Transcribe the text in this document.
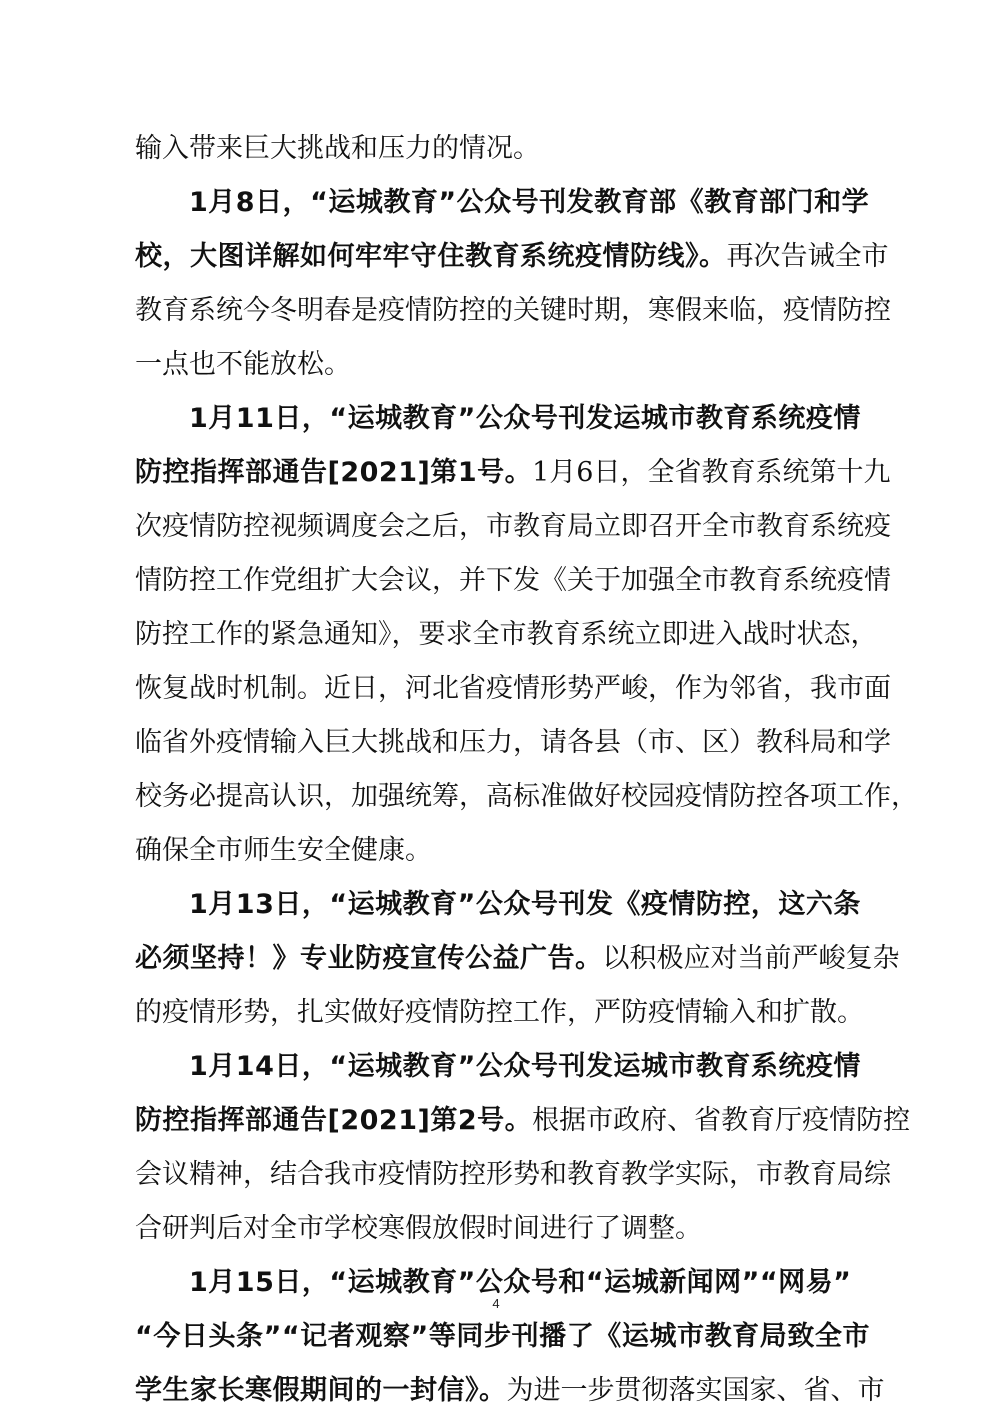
输入带来巨大挑战和压力的情况。
1月8日，“运城教育”公众号刊发教育部《教育部门和学
校，大图详解如何牢牢守住教育系统疫情防线》。再次告诫全市
教育系统今冬明春是疫情防控的关键时期，寒假来临，疫情防控
一点也不能放松。
1月11日，“运城教育”公众号刊发运城市教育系统疫情
防控指挥部通告[2021]第1号。1月6日，全省教育系统第十九
次疫情防控视频调度会之后，市教育局立即召开全市教育系统疫
情防控工作党组扩大会议，并下发《关于加强全市教育系统疫情
防控工作的紧急通知》，要求全市教育系统立即进入战时状态，
恢复战时机制。近日，河北省疫情形势严峻，作为邻省，我市面
临省外疫情输入巨大挑战和压力，请各县（市、区）教科局和学
校务必提高认识，加强统筹，高标准做好校园疫情防控各项工作，
确保全市师生安全健康。
1月13日，“运城教育”公众号刊发《疫情防控，这六条
必须坚持！》专业防疫宣传公益广告。以积极应对当前严峻复杂
的疫情形势，扎实做好疫情防控工作，严防疫情输入和扩散。
1月14日，“运城教育”公众号刊发运城市教育系统疫情
防控指挥部通告[2021]第2号。根据市政府、省教育厅疫情防控
会议精神，结合我市疫情防控形势和教育教学实际，市教育局综
合研判后对全市学校寒假放假时间进行了调整。
1月15日，“运城教育”公众号和“运城新闻网”“网易”
“今日头条”“记者观察”等同步刊播了《运城市教育局致全市
学生家长寒假期间的一封信》。为进一步贯彻落实国家、省、市
4
